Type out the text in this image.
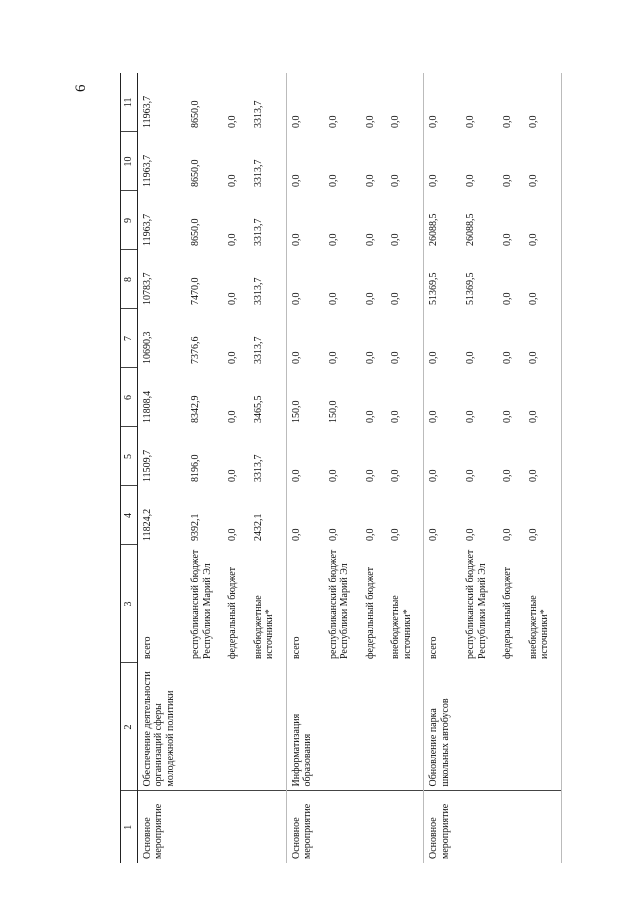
6
1	2	3	4	5	6	7	8	9	10	11
Основное мероприятие	Обеспечение деятельности организаций сферы молодежной политики	всего	11824,2	11509,7	11808,4	10690,3	10783,7	11963,7	11963,7	11963,7
		республиканский бюджет Республики Марий Эл	9392,1	8196,0	8342,9	7376,6	7470,0	8650,0	8650,0	8650,0
		федеральный бюджет	0,0	0,0	0,0	0,0	0,0	0,0	0,0	0,0
		внебюджетные источники*	2432,1	3313,7	3465,5	3313,7	3313,7	3313,7	3313,7	3313,7
Основное мероприятие	Информатизация образования	всего	0,0	0,0	150,0	0,0	0,0	0,0	0,0	0,0
		республиканский бюджет Республики Марий Эл	0,0	0,0	150,0	0,0	0,0	0,0	0,0	0,0
		федеральный бюджет	0,0	0,0	0,0	0,0	0,0	0,0	0,0	0,0
		внебюджетные источники*	0,0	0,0	0,0	0,0	0,0	0,0	0,0	0,0
Основное мероприятие	Обновление парка школьных автобусов	всего	0,0	0,0	0,0	0,0	51369,5	26088,5	0,0	0,0
		республиканский бюджет Республики Марий Эл	0,0	0,0	0,0	0,0	51369,5	26088,5	0,0	0,0
		федеральный бюджет	0,0	0,0	0,0	0,0	0,0	0,0	0,0	0,0
		внебюджетные источники*	0,0	0,0	0,0	0,0	0,0	0,0	0,0	0,0
